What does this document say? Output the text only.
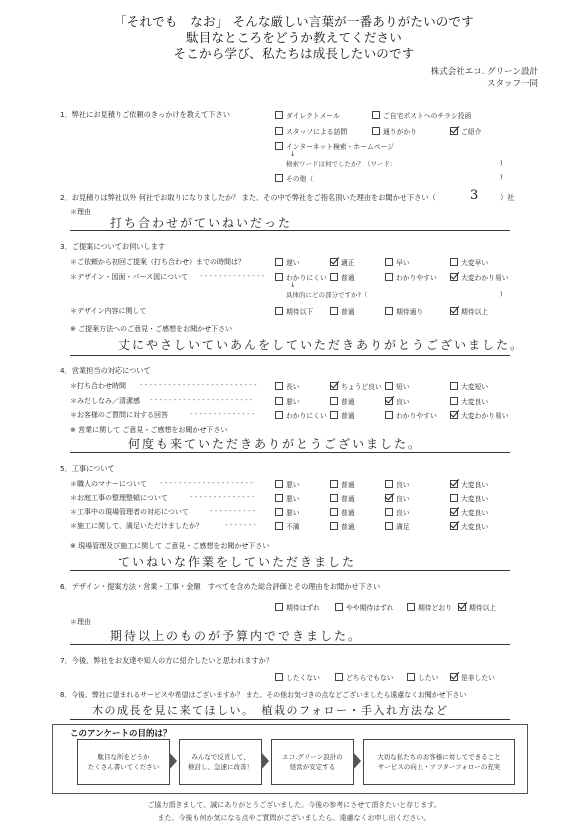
「それでも　なお」 そんな厳しい言葉が一番ありがたいのです
駄目なところをどうか教えてください
そこから学び、私たちは成長したいのです
株式会社エコ. グリーン設計
スタッフ一同
1．弊社にお見積りご依頼のきっかけを教えて下さい	ダイレクトメール	ご自宅ポストへのチラシ投函
スタッフによる訪問	通りがかり	ご紹介
インターネット検索・ホームページ
↓
検索ワードは何でしたか？（ワード:	)
その他（	)
2．お見積りは弊社以外 何社でお取りになりましたか？ また、その中で弊社をご指名頂いた理由をお聞かせ下さい（	3	）社
＊理由
打ち合わせがていねいだった
3．ご提案についてお伺いします
＊ご依頼から初回ご提案（打ち合わせ）までの時間は？	遅い	適正	早い	大変早い
＊デザイン・図面・パース図について - - - - - - - - - - - - - -	わかりにくい	普通	わかりやすい	大変わかり易い
↓
具体的にどの部分ですか?（	)
＊デザイン内容に関して	期待以下	普通	期待通り	期待以上
※ ご提案方法へのご意見・ご感想をお聞かせ下さい
丈にやさしいていあんをしていただきありがとうございました。
4．営業担当の対応について
＊打ち合わせ時間 - - - - - - - - - - - - - - - - - - - - - - - - -	長い	ちょうど良い	短い	大変短い
＊みだしなみ／清潔感 - - - - - - - - - - - - - - - - - - - - - -	悪い	普通	良い	大変良い
＊お客様のご質問に対する回答	- - - - - - - - - - - - - -	わかりにくい	普通	わかりやすい	大変わかり易い
※ 営業に関して ご意見・ご感想をお聞かせ下さい
何度も来ていただきありがとうございました。
5．工事について
＊職人のマナーについて - - - - - - - - - - - - - - - - - - - -	悪い	普通	良い	大変良い
＊お庭工事の整理整頓について	- - - - - - - - - - - - - -	悪い	普通	良い	大変良い
＊工事中の現場管理者の対応について	- - - - - - - - - -	悪い	普通	良い	大変良い
＊施工に関して、満足いただけましたか？	- - - - - - -	不満	普通	満足	大変良い
※ 現場管理及び施工に関して ご意見・ご感想をお聞かせ下さい
ていねいな作業をしていただきました
6．デザイン・提案方法・営業・工事・金額　すべてを含めた総合評価とその理由をお聞かせ下さい
期待はずれ	やや期待はずれ	期待どおり	期待以上
＊理由
期待以上のものが予算内でできました。
7．今後、弊社をお友達や知人の方に紹介したいと思われますか？
したくない	どちらでもない	したい	是非したい
8．今後、弊社に望まれるサービスや希望はございますか？ また、その他お気づきの点などございましたら遠慮なくお聞かせ下さい
木の成長を見に来てほしい。　植栽のフォロー・手入れ方法など
このアンケートの目的は？
駄目な所をどうか
たくさん書いてください
みんなで反省して、
検討し、急速に改善！
エコ.グリーン設計の
経営が安定する
大切な私たちのお客様に対してできること
サービスの向上・アフターフォローの充実
ご協力頂きまして、誠にありがとうございました。今後の参考にさせて頂きたいと存じます。
また、今後も何か気になる点やご質問がございましたら、遠慮なくお申し出ください。
